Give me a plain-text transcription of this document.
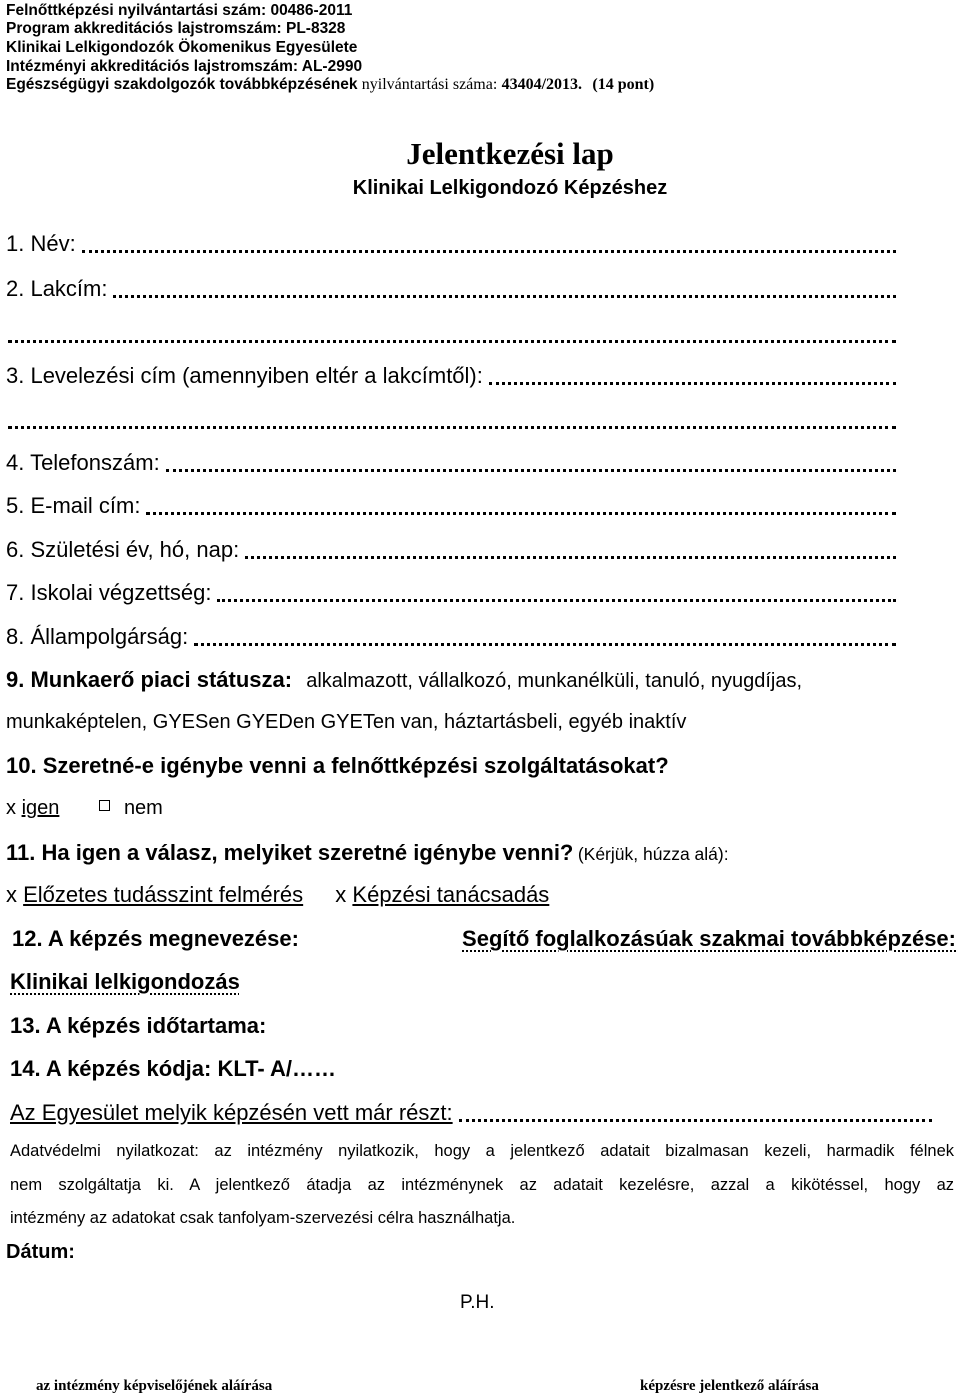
Felnőttképzési nyilvántartási szám: 00486-2011
Program akkreditációs lajstromszám: PL-8328
Klinikai Lelkigondozók Ökomenikus Egyesülete
Intézményi akkreditációs lajstromszám: AL-2990
Egészségügyi szakdolgozók továbbképzésének nyilvántartási száma: 43404/2013. (14 pont)
Jelentkezési lap
Klinikai Lelkigondozó Képzéshez
1. Név:
2. Lakcím:
3. Levelezési cím (amennyiben eltér a lakcímtől):
4. Telefonszám:
5. E-mail cím:
6. Születési év, hó, nap:
7. Iskolai végzettség:
8. Állampolgárság:
9. Munkaerő piaci státusza: alkalmazott, vállalkozó, munkanélküli, tanuló, nyugdíjas,
munkaképtelen, GYESen GYEDen GYETen van, háztartásbeli, egyéb inaktív
10. Szeretné-e igénybe venni a felnőttképzési szolgáltatásokat?
x igen	nem
11. Ha igen a válasz, melyiket szeretné igénybe venni? (Kérjük, húzza alá):
x Előzetes tudásszint felmérés x Képzési tanácsadás
12. A képzés megnevezése:	Segítő foglalkozásúak szakmai továbbképzése:
Klinikai lelkigondozás
13. A képzés időtartama:
14. A képzés kódja: KLT- A/……
Az Egyesület melyik képzésén vett már részt:
Adatvédelmi nyilatkozat: az intézmény nyilatkozik, hogy a jelentkező adatait bizalmasan kezeli, harmadik félnek
nem szolgáltatja ki. A jelentkező átadja az intézménynek az adatait kezelésre, azzal a kikötéssel, hogy az
intézmény az adatokat csak tanfolyam-szervezési célra használhatja.
Dátum:
P.H.
az intézmény képviselőjének aláírása	képzésre jelentkező aláírása
